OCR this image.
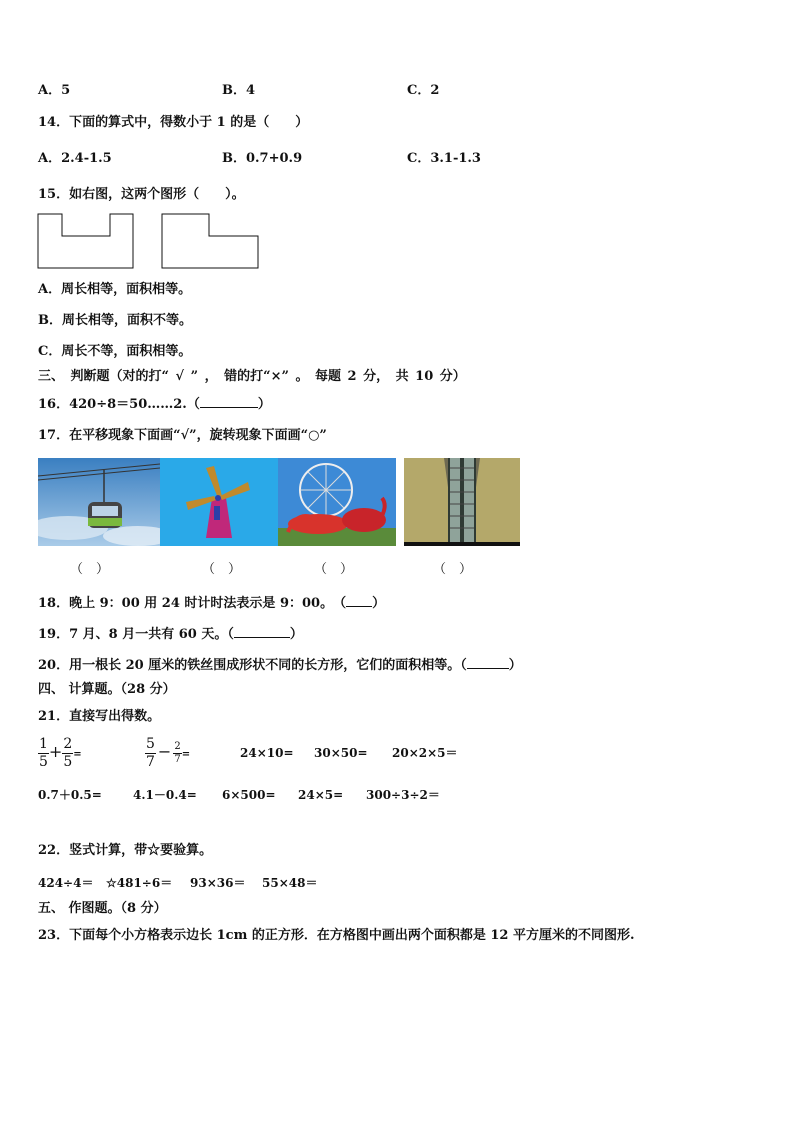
A．5	B．4	C．2
14．下面的算式中，得数小于 1 的是（　　）
A．2.4-1.5	B．0.7+0.9	C．3.1-1.3
15．如右图，这两个图形（　　）。
A．周长相等，面积相等。
B．周长相等，面积不等。
C．周长不等，面积相等。
三、 判断题（对的打“ √ ” ， 错的打“×” 。 每题 2 分， 共 10 分）
16．420÷8＝50……2.（	）
17．在平移现象下面画“√”，旋转现象下面画“○”
（　）	（　）	（　）	（　）
18．晚上 9：00 用 24 时计时法表示是 9：00。　（ ）
19．7 月、8 月一共有 60 天。（	）
20．用一根长 20 厘米的铁丝围成形状不同的长方形，它们的面积相等。（	）
四、 计算题。（28 分）
21．直接写出得数。
$\frac{1}{5} + \frac{2}{5}$ =	$\frac{5}{7} - \frac{2}{7}$ =	24×10= 30×50= 20×2×5＝
0.7＋0.5=	4.1－0.4= 6×500= 24×5= 300÷3÷2＝
22．竖式计算，带☆要验算。
424÷4＝ ☆481÷6＝ 93×36＝ 55×48＝
五、 作图题。（8 分）
23．下面每个小方格表示边长 1cm 的正方形．在方格图中画出两个面积都是 12 平方厘米的不同图形.
